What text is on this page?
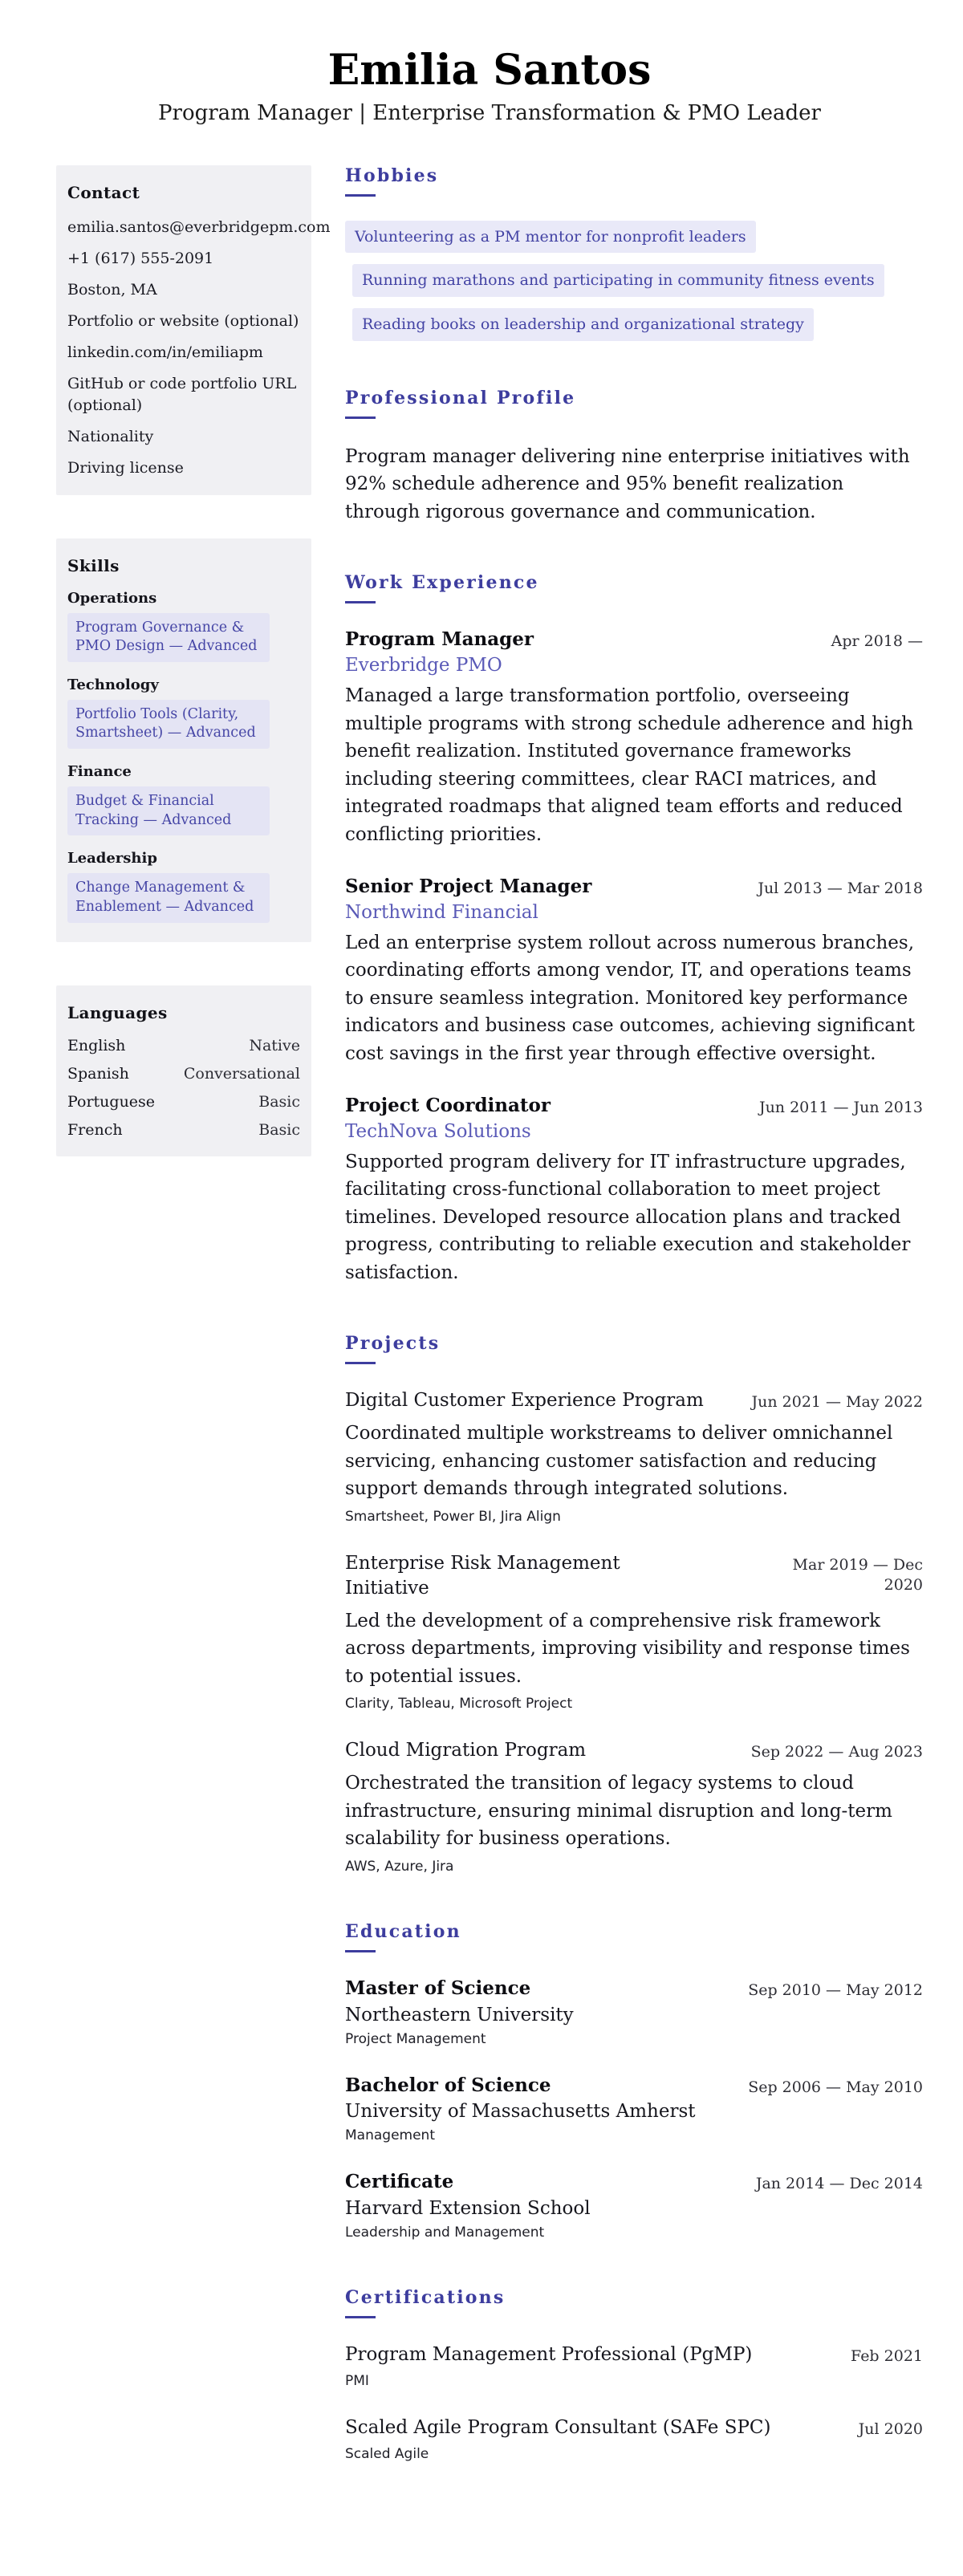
Emilia Santos
Program Manager | Enterprise Transformation & PMO Leader
Contact
emilia.santos@everbridgepm.com
+1 (617) 555-2091
Boston, MA
Portfolio or website (optional)
linkedin.com/in/emiliapm
GitHub or code portfolio URL (optional)
Nationality
Driving license
Skills
Operations
Program Governance & PMO Design — Advanced
Technology
Portfolio Tools (Clarity, Smartsheet) — Advanced
Finance
Budget & Financial Tracking — Advanced
Leadership
Change Management & Enablement — Advanced
Languages
English	Native
Spanish	Conversational
Portuguese	Basic
French	Basic
Hobbies
Volunteering as a PM mentor for nonprofit leaders
Running marathons and participating in community fitness events
Reading books on leadership and organizational strategy
Professional Profile

Program manager delivering nine enterprise initiatives with 92% schedule adherence and 95% benefit realization through rigorous governance and communication.

Work Experience
Program Manager	Apr 2018 —
Everbridge PMO

Managed a large transformation portfolio, overseeing multiple programs with strong schedule adherence and high benefit realization. Instituted governance frameworks including steering committees, clear RACI matrices, and integrated roadmaps that aligned team efforts and reduced conflicting priorities.

Senior Project Manager	Jul 2013 — Mar 2018
Northwind Financial

Led an enterprise system rollout across numerous branches, coordinating efforts among vendor, IT, and operations teams to ensure seamless integration. Monitored key performance indicators and business case outcomes, achieving significant cost savings in the first year through effective oversight.

Project Coordinator	Jun 2011 — Jun 2013
TechNova Solutions

Supported program delivery for IT infrastructure upgrades, facilitating cross-functional collaboration to meet project timelines. Developed resource allocation plans and tracked progress, contributing to reliable execution and stakeholder satisfaction.

Projects
Digital Customer Experience Program	Jun 2021 — May 2022

Coordinated multiple workstreams to deliver omnichannel servicing, enhancing customer satisfaction and reducing support demands through integrated solutions.

Smartsheet, Power BI, Jira Align
Enterprise Risk Management Initiative
Mar 2019 — Dec 2020

Led the development of a comprehensive risk framework across departments, improving visibility and response times to potential issues.

Clarity, Tableau, Microsoft Project
Cloud Migration Program	Sep 2022 — Aug 2023

Orchestrated the transition of legacy systems to cloud infrastructure, ensuring minimal disruption and long-term scalability for business operations.

AWS, Azure, Jira
Education
Master of Science	Sep 2010 — May 2012
Northeastern University
Project Management
Bachelor of Science	Sep 2006 — May 2010
University of Massachusetts Amherst
Management
Certificate	Jan 2014 — Dec 2014
Harvard Extension School
Leadership and Management
Certifications
Program Management Professional (PgMP)	Feb 2021
PMI
Scaled Agile Program Consultant (SAFe SPC)	Jul 2020
Scaled Agile
